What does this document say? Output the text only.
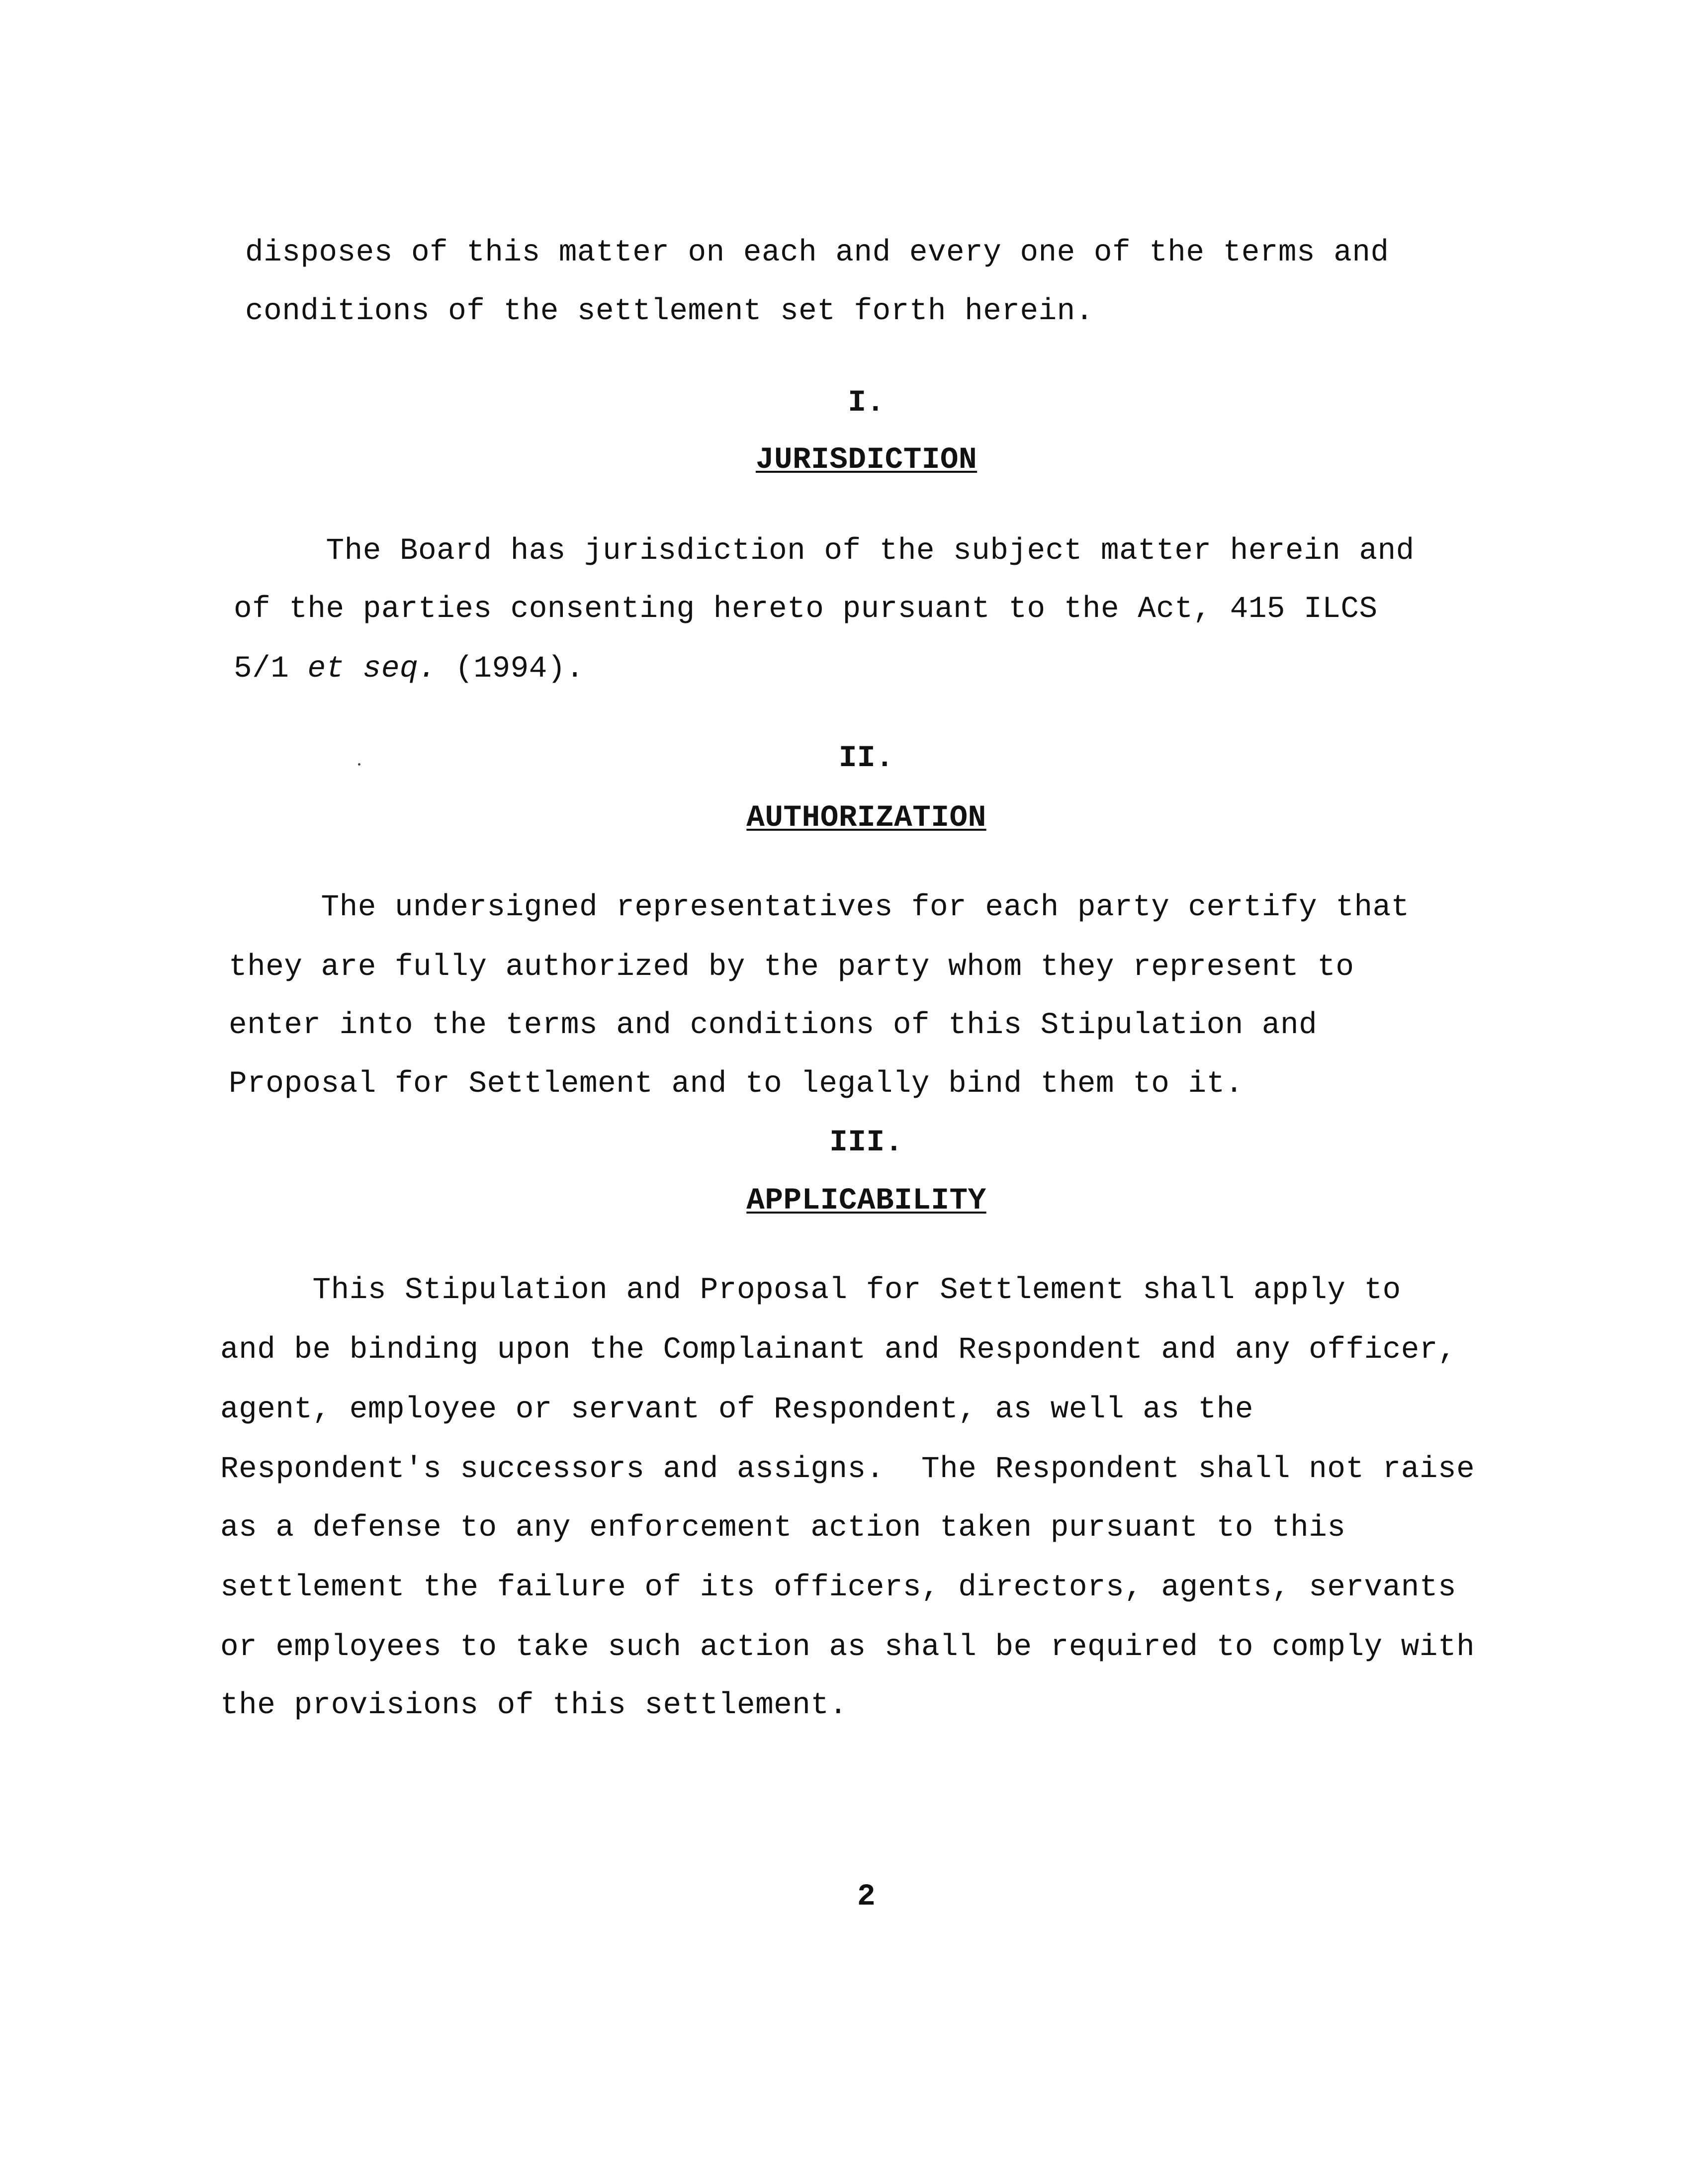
disposes of this matter on each and every one of the terms and
conditions of the settlement set forth herein.
I.
JURISDICTION
The Board has jurisdiction of the subject matter herein and
of the parties consenting hereto pursuant to the Act, 415 ILCS
5/1 et seq. (1994).
II.
AUTHORIZATION
The undersigned representatives for each party certify that
they are fully authorized by the party whom they represent to
enter into the terms and conditions of this Stipulation and
Proposal for Settlement and to legally bind them to it.
III.
APPLICABILITY
This Stipulation and Proposal for Settlement shall apply to
and be binding upon the Complainant and Respondent and any officer,
agent, employee or servant of Respondent, as well as the
Respondent's successors and assigns.  The Respondent shall not raise
as a defense to any enforcement action taken pursuant to this
settlement the failure of its officers, directors, agents, servants
or employees to take such action as shall be required to comply with
the provisions of this settlement.
2
